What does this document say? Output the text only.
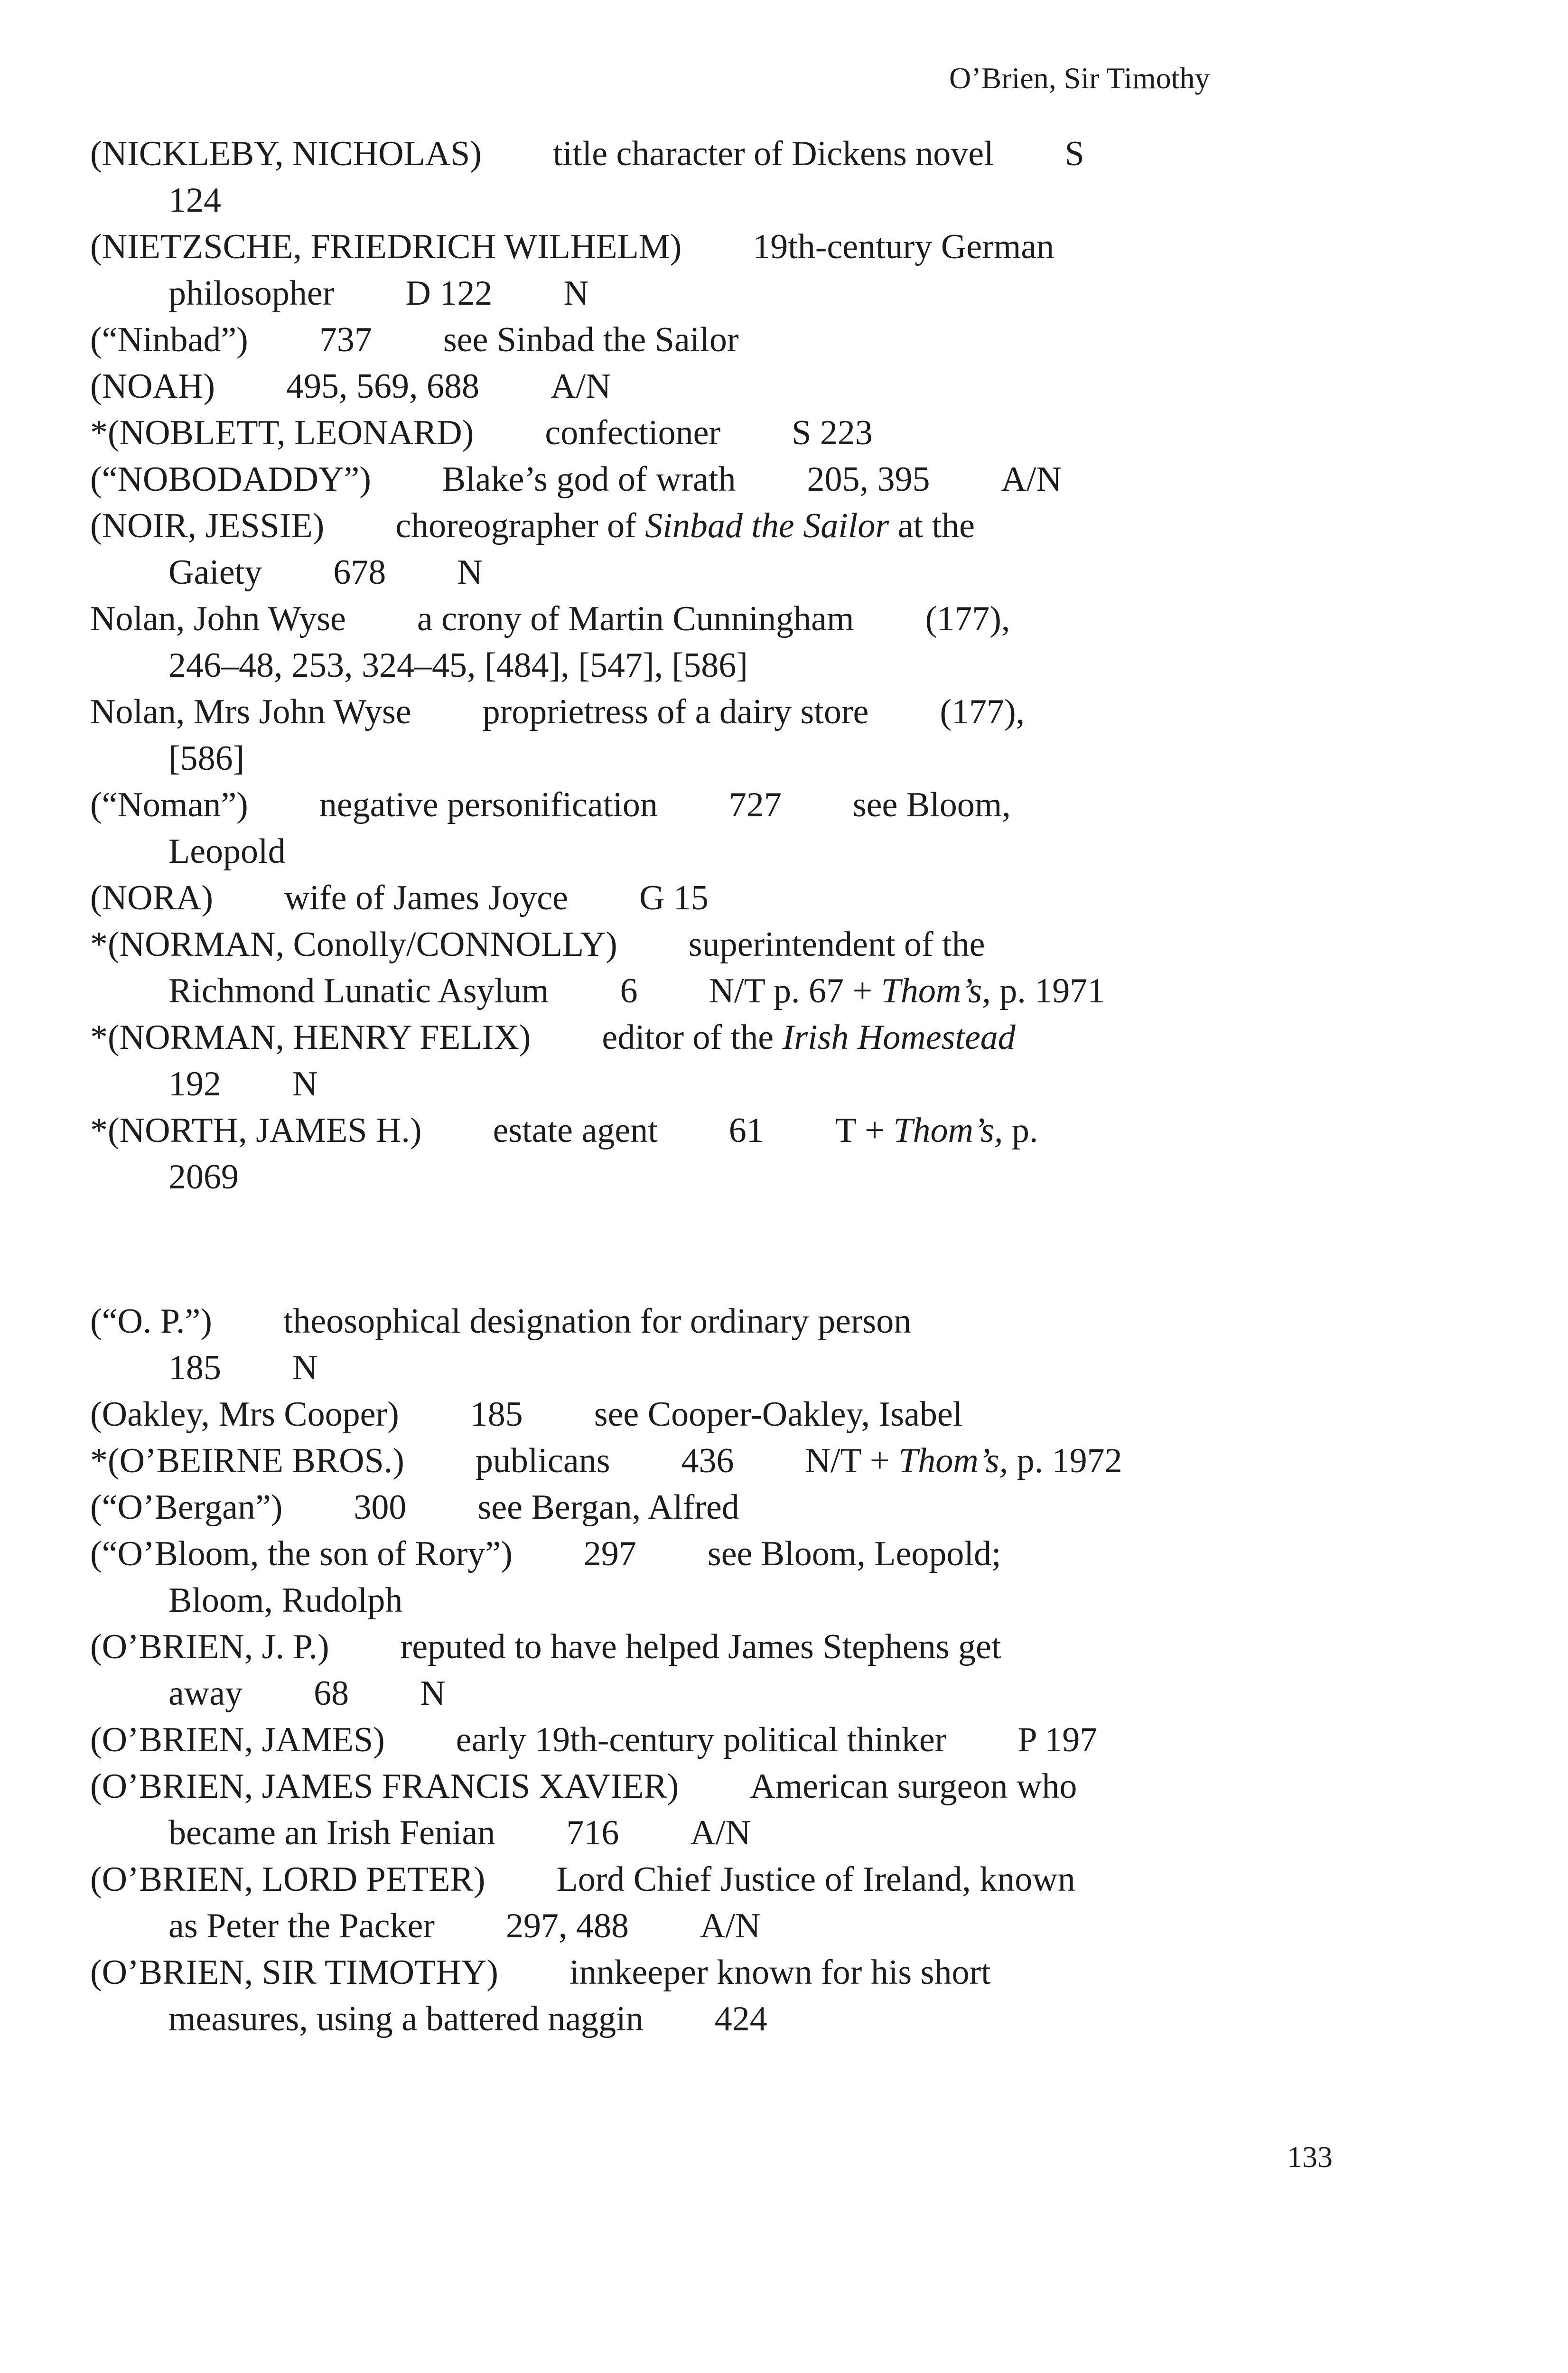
O’Brien, Sir Timothy
(NICKLEBY, NICHOLAS) title character of Dickens novel S
124
(NIETZSCHE, FRIEDRICH WILHELM) 19th-century German
philosopher D 122 N
(“Ninbad”) 737 see Sinbad the Sailor
(NOAH) 495, 569, 688 A/N
*(NOBLETT, LEONARD) confectioner S 223
(“NOBODADDY”) Blake’s god of wrath 205, 395 A/N
(NOIR, JESSIE) choreographer of Sinbad the Sailor at the
Gaiety 678 N
Nolan, John Wyse a crony of Martin Cunningham (177),
246–48, 253, 324–45, [484], [547], [586]
Nolan, Mrs John Wyse proprietress of a dairy store (177),
[586]
(“Noman”) negative personification 727 see Bloom,
Leopold
(NORA) wife of James Joyce G 15
*(NORMAN, Conolly/CONNOLLY) superintendent of the
Richmond Lunatic Asylum 6 N/T p. 67 + Thom’s, p. 1971
*(NORMAN, HENRY FELIX) editor of the Irish Homestead
192 N
*(NORTH, JAMES H.) estate agent 61 T + Thom’s, p.
2069
(“O. P.”) theosophical designation for ordinary person
185 N
(Oakley, Mrs Cooper) 185 see Cooper-Oakley, Isabel
*(O’BEIRNE BROS.) publicans 436 N/T + Thom’s, p. 1972
(“O’Bergan”) 300 see Bergan, Alfred
(“O’Bloom, the son of Rory”) 297 see Bloom, Leopold;
Bloom, Rudolph
(O’BRIEN, J. P.) reputed to have helped James Stephens get
away 68 N
(O’BRIEN, JAMES) early 19th-century political thinker P 197
(O’BRIEN, JAMES FRANCIS XAVIER) American surgeon who
became an Irish Fenian 716 A/N
(O’BRIEN, LORD PETER) Lord Chief Justice of Ireland, known
as Peter the Packer 297, 488 A/N
(O’BRIEN, SIR TIMOTHY) innkeeper known for his short
measures, using a battered naggin 424
133
